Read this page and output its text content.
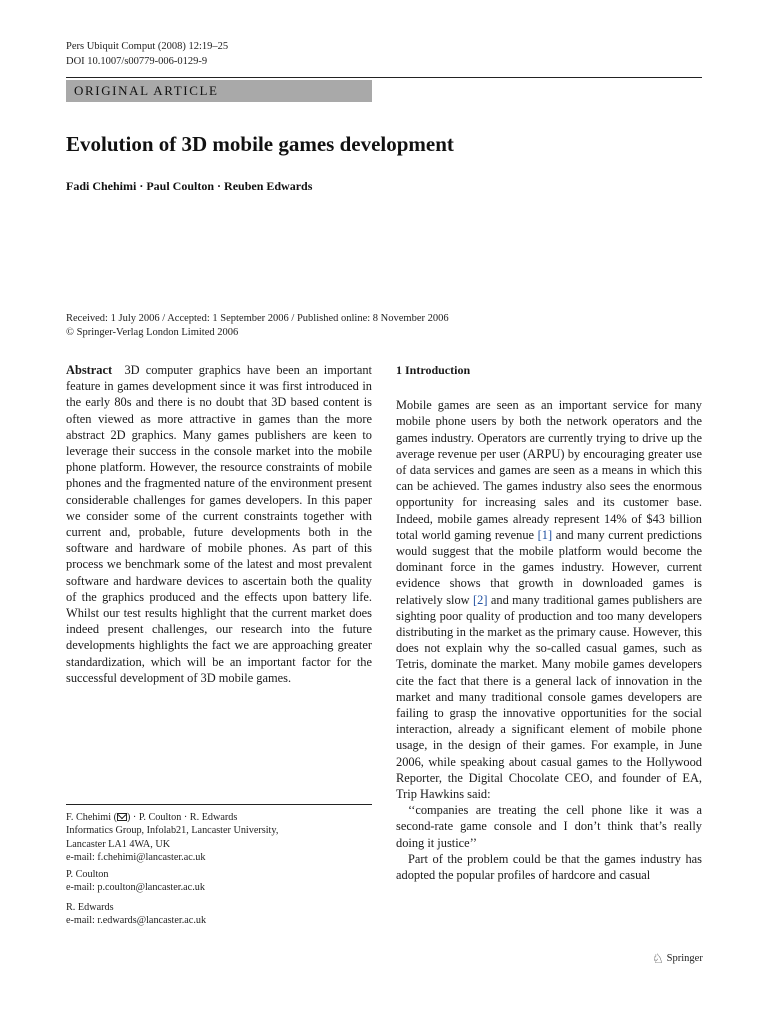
Pers Ubiquit Comput (2008) 12:19–25
DOI 10.1007/s00779-006-0129-9
ORIGINAL ARTICLE
Evolution of 3D mobile games development
Fadi Chehimi · Paul Coulton · Reuben Edwards
Received: 1 July 2006 / Accepted: 1 September 2006 / Published online: 8 November 2006
© Springer-Verlag London Limited 2006

Abstract 3D computer graphics have been an important feature in games development since it was first introduced in the early 80s and there is no doubt that 3D based content is often viewed as more attractive in games than the more abstract 2D graphics. Many games publishers are keen to leverage their success in the console market into the mobile phone platform. However, the resource constraints of mobile phones and the fragmented nature of the environment present considerable challenges for games developers. In this paper we consider some of the current constraints together with current and, probable, future developments both in the software and hardware of mobile phones. As part of this process we benchmark some of the latest and most prevalent software and hardware devices to ascertain both the quality of the graphics produced and the effects upon battery life. Whilst our test results highlight that the current market does indeed present challenges, our research into the future developments highlights the fact we are approaching greater standardization, which will be an important factor for the successful development of 3D mobile games.

F. Chehimi ( ) · P. Coulton · R. Edwards
Informatics Group, Infolab21, Lancaster University,
Lancaster LA1 4WA, UK
e-mail: f.chehimi@lancaster.ac.uk
P. Coulton
e-mail: p.coulton@lancaster.ac.uk
R. Edwards
e-mail: r.edwards@lancaster.ac.uk
1 Introduction

Mobile games are seen as an important service for many mobile phone users by both the network operators and the games industry. Operators are currently trying to drive up the average revenue per user (ARPU) by encouraging greater use of data services and games are seen as a means in which this can be achieved. The games industry also sees the enormous opportunity for increasing sales and its customer base. Indeed, mobile games already represent 14% of $43 billion total world gaming revenue [1] and many current predictions would suggest that the mobile platform would become the dominant force in the games industry. However, current evidence shows that growth in downloaded games is relatively slow [2] and many traditional games publishers are sighting poor quality of production and too many developers distributing in the market as the primary cause. However, this does not explain why the so-called casual games, such as Tetris, dominate the market. Many mobile games developers cite the fact that there is a general lack of innovation in the market and many traditional console games developers are failing to grasp the innovative opportunities for the social interaction, already a significant element of mobile phone usage, in the design of their games. For example, in June 2006, while speaking about casual games to the Hollywood Reporter, the Digital Chocolate CEO, and founder of EA, Trip Hawkins said:

‘‘companies are treating the cell phone like it was a second-rate game console and I don’t think that’s really doing it justice’’

Part of the problem could be that the games industry has adopted the popular profiles of hardcore and casual

♘ Springer
